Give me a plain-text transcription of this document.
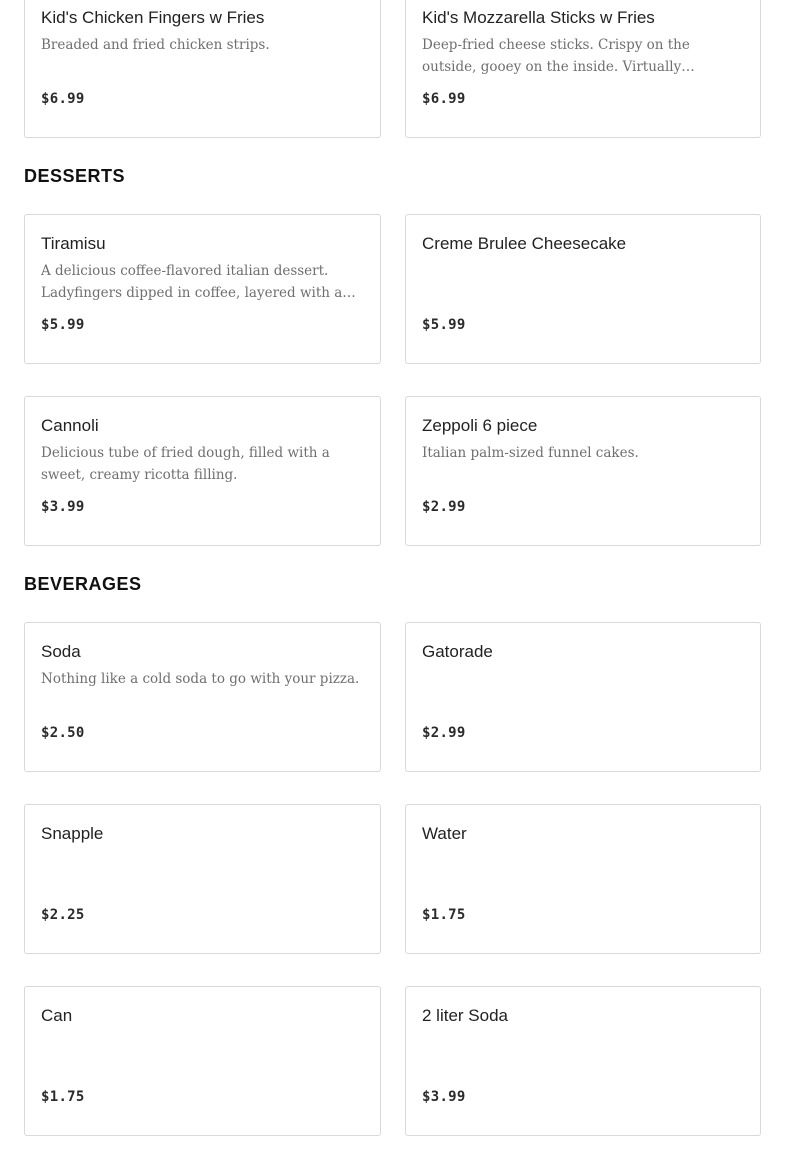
Kid's Chicken Fingers w Fries
Breaded and fried chicken strips.
$6.99
Kid's Mozzarella Sticks w Fries
Deep-fried cheese sticks. Crispy on the outside, gooey on the inside. Virtually
$6.99
DESSERTS
Tiramisu
A delicious coffee-flavored italian dessert. Ladyfingers dipped in coffee, layered with a
$5.99
Creme Brulee Cheesecake
$5.99
Cannoli
Delicious tube of fried dough, filled with a sweet, creamy ricotta filling.
$3.99
Zeppoli 6 piece
Italian palm-sized funnel cakes.
$2.99
BEVERAGES
Soda
Nothing like a cold soda to go with your pizza.
$2.50
Gatorade
$2.99
Snapple
$2.25
Water
$1.75
Can
$1.75
2 liter Soda
$3.99
